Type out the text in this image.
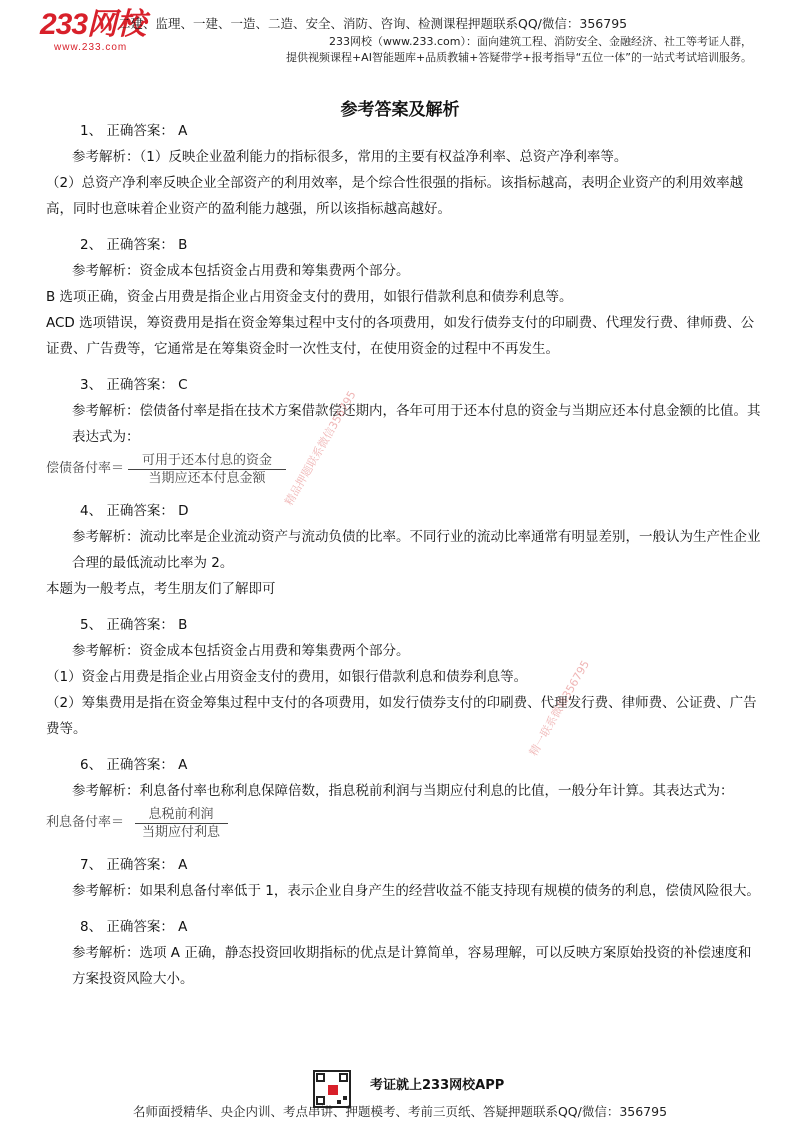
233网校
www.233.com
二建、监理、一建、一造、二造、安全、消防、咨询、检测课程押题联系QQ/微信：356795
233网校（www.233.com）：面向建筑工程、消防安全、金融经济、社工等考证人群，
提供视频课程+AI智能题库+品质教辅+答疑带学+报考指导“五位一体”的一站式考试培训服务。
参考答案及解析
1、 正确答案： A
参考解析：（1）反映企业盈利能力的指标很多，常用的主要有权益净利率、总资产净利率等。
（2）总资产净利率反映企业全部资产的利用效率，是个综合性很强的指标。该指标越高，表明企业资产的利用效率越高，同时也意味着企业资产的盈利能力越强，所以该指标越高越好。
2、 正确答案： B
参考解析：资金成本包括资金占用费和筹集费两个部分。
B 选项正确，资金占用费是指企业占用资金支付的费用，如银行借款利息和债券利息等。
ACD 选项错误，筹资费用是指在资金筹集过程中支付的各项费用，如发行债券支付的印刷费、代理发行费、律师费、公证费、广告费等，它通常是在筹集资金时一次性支付，在使用资金的过程中不再发生。
3、 正确答案： C
参考解析：偿债备付率是指在技术方案借款偿还期内，各年可用于还本付息的资金与当期应还本付息金额的比值。其表达式为：
偿债备付率＝ $\frac{\text{可用于还本付息的资金}}{\text{当期应还本付息金额}}$
4、 正确答案： D
参考解析：流动比率是企业流动资产与流动负债的比率。不同行业的流动比率通常有明显差别，一般认为生产性企业合理的最低流动比率为 2。
本题为一般考点，考生朋友们了解即可
5、 正确答案： B
参考解析：资金成本包括资金占用费和筹集费两个部分。
（1）资金占用费是指企业占用资金支付的费用，如银行借款利息和债券利息等。
（2）筹集费用是指在资金筹集过程中支付的各项费用，如发行债券支付的印刷费、代理发行费、律师费、公证费、广告费等。
6、 正确答案： A
参考解析：利息备付率也称利息保障倍数，指息税前利润与当期应付利息的比值，一般分年计算。其表达式为：
利息备付率＝ $\frac{\text{息税前利润}}{\text{当期应付利息}}$
7、 正确答案： A
参考解析：如果利息备付率低于 1，表示企业自身产生的经营收益不能支持现有规模的债务的利息，偿债风险很大。
8、 正确答案： A
参考解析：选项 A 正确，静态投资回收期指标的优点是计算简单，容易理解，可以反映方案原始投资的补偿速度和方案投资风险大小。
精品押题联系微信356795
精一联系微信356795
考证就上233网校APP
名师面授精华、央企内训、考点串讲、押题模考、考前三页纸、答疑押题联系QQ/微信：356795
